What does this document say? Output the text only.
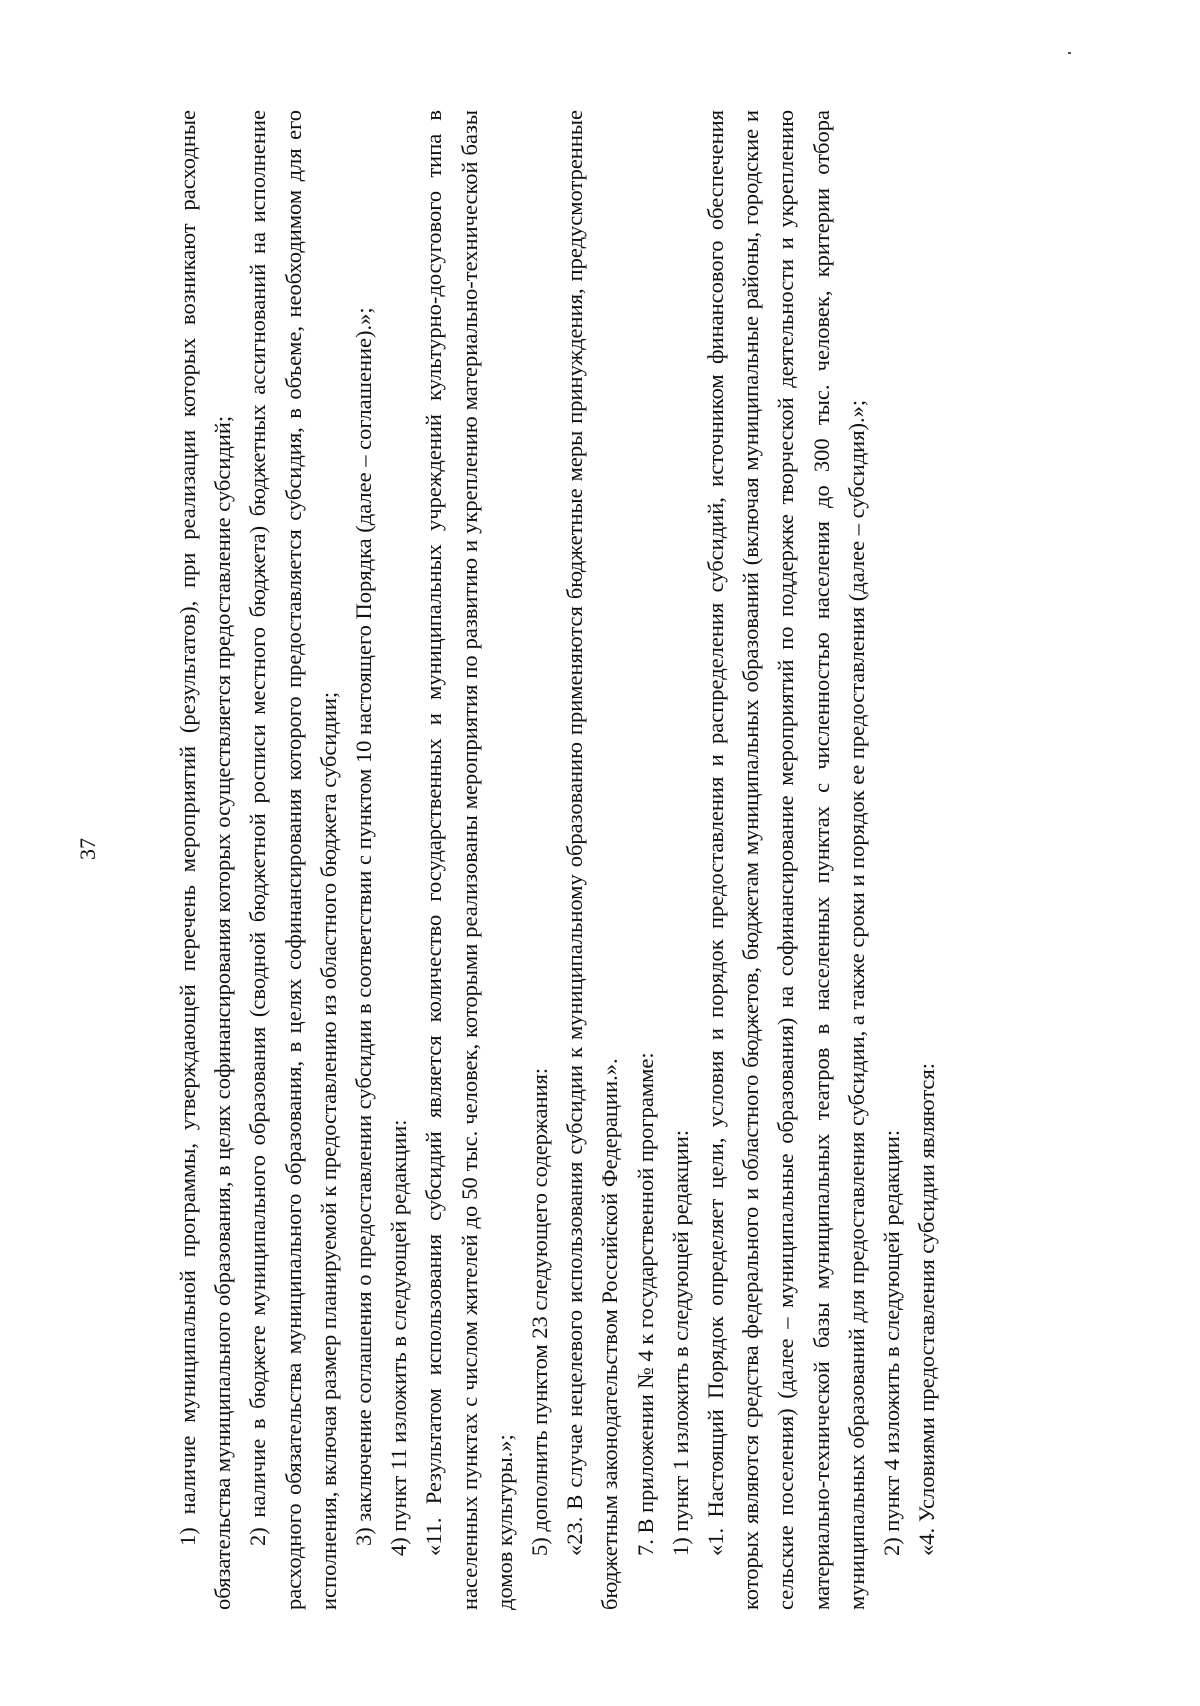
37	1) наличие муниципальной программы, утверждающей перечень мероприятий (результатов), при реализации которых возникают расходные обязательства муниципального образования, в целях софинансирования которых осуществляется предоставление субсидий; 2) наличие в бюджете муниципального образования (сводной бюджетной росписи местного бюджета) бюджетных ассигнований на исполнение расходного обязательства муниципального образования, в целях софинансирования которого предоставляется субсидия, в объеме, необходимом для его исполнения, включая размер планируемой к предоставлению из областного бюджета субсидии; 3) заключение соглашения о предоставлении субсидии в соответствии с пунктом 10 настоящего Порядка (далее – соглашение).»; 4) пункт 11 изложить в следующей редакции: «11. Результатом использования субсидий является количество государственных и муниципальных учреждений культурно-досугового типа в населенных пунктах с числом жителей до 50 тыс. человек, которыми реализованы мероприятия по развитию и укреплению материально-технической базы домов культуры.»; 5) дополнить пунктом 23 следующего содержания: «23. В случае нецелевого использования субсидии к муниципальному образованию применяются бюджетные меры принуждения, предусмотренные бюджетным законодательством Российской Федерации.». 7. В приложении № 4 к государственной программе: 1) пункт 1 изложить в следующей редакции: «1. Настоящий Порядок определяет цели, условия и порядок предоставления и распределения субсидий, источником финансового обеспечения которых являются средства федерального и областного бюджетов, бюджетам муниципальных образований (включая муниципальные районы, городские и сельские поселения) (далее – муниципальные образования) на софинансирование мероприятий по поддержке творческой деятельности и укреплению материально-технической базы муниципальных театров в населенных пунктах с численностью населения до 300 тыс. человек, критерии отбора муниципальных образований для предоставления субсидии, а также сроки и порядок ее предоставления (далее – субсидия).»; 2) пункт 4 изложить в следующей редакции: «4. Условиями предоставления субсидии являются:
